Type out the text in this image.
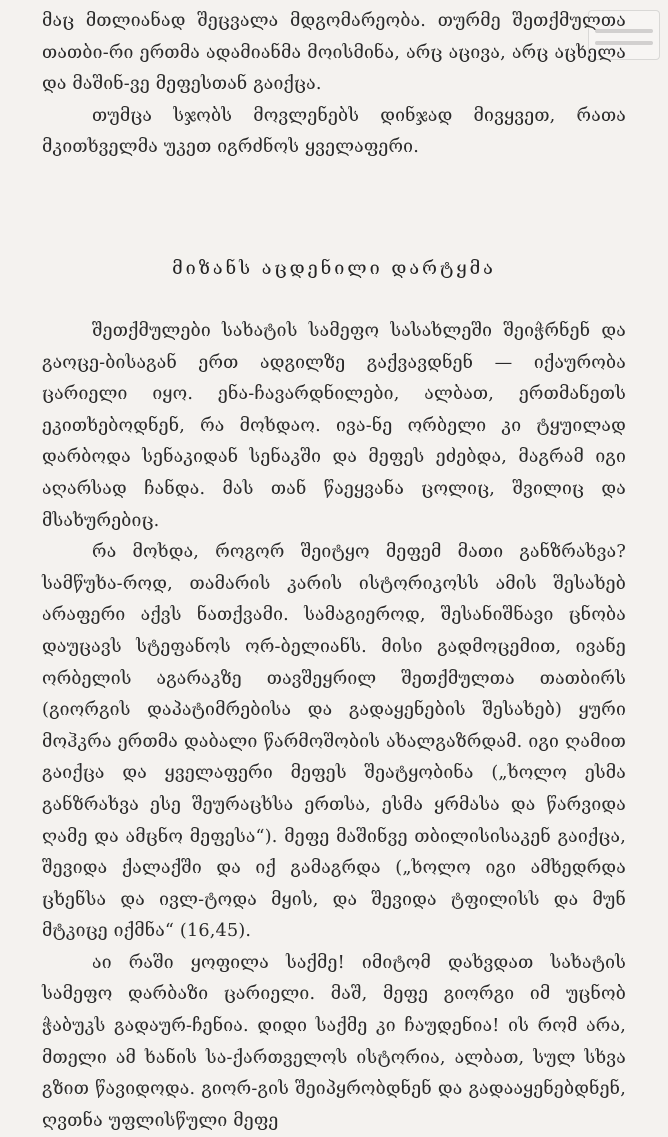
მაც მთლიანად შეცვალა მდგომარეობა. თურმე შეთქმულთა თათბი-რი ერთმა ადამიანმა მოისმინა, არც აცივა, არც აცხელა და მაშინ-ვე მეფესთან გაიქცა.

თუმცა სჯობს მოვლენებს დინჯად მივყვეთ, რათა მკითხველმა უკეთ იგრძნოს ყველაფერი.

მიზანს აცდენილი დარტყმა

შეთქმულები სახატის სამეფო სასახლეში შეიჭრნენ და გაოცე-ბისაგან ერთ ადგილზე გაქვავდნენ — იქაურობა ცარიელი იყო. ენა-ჩავარდნილები, ალბათ, ერთმანეთს ეკითხებოდნენ, რა მოხდაო. ივა-ნე ორბელი კი ტყუილად დარბოდა სენაკიდან სენაკში და მეფეს ეძებდა, მაგრამ იგი აღარსად ჩანდა. მას თან წაეყვანა ცოლიც, შვილიც და მსახურებიც.

რა მოხდა, როგორ შეიტყო მეფემ მათი განზრახვა? სამწუხა-როდ, თამარის კარის ისტორიკოსს ამის შესახებ არაფერი აქვს ნათქვამი. სამაგიეროდ, შესანიშნავი ცნობა დაუცავს სტეფანოს ორ-ბელიანს. მისი გადმოცემით, ივანე ორბელის აგარაკზე თავშეყრილ შეთქმულთა თათბირს (გიორგის დაპატიმრებისა და გადაყენების შესახებ) ყური მოჰკრა ერთმა დაბალი წარმოშობის ახალგაზრდამ. იგი ღამით გაიქცა და ყველაფერი მეფეს შეატყობინა („ხოლო ესმა განზრახვა ესე შეურაცხსა ერთსა, ესმა ყრმასა და წარვიდა ღამე და ამცნო მეფესა“). მეფე მაშინვე თბილისისაკენ გაიქცა, შევიდა ქალაქში და იქ გამაგრდა („ხოლო იგი ამხედრდა ცხენსა და ივლ-ტოდა მყის, და შევიდა ტფილისს და მუნ მტკიცე იქმნა“ (16,45).

აი რაში ყოფილა საქმე! იმიტომ დახვდათ სახატის სამეფო დარბაზი ცარიელი. მაშ, მეფე გიორგი იმ უცნობ ჭაბუკს გადაურ-ჩენია. დიდი საქმე კი ჩაუდენია! ის რომ არა, მთელი ამ ხანის სა-ქართველოს ისტორია, ალბათ, სულ სხვა გზით წავიდოდა. გიორ-გის შეიპყრობდნენ და გადააყენებდნენ, ღვთნა უფლისწული მეფე
